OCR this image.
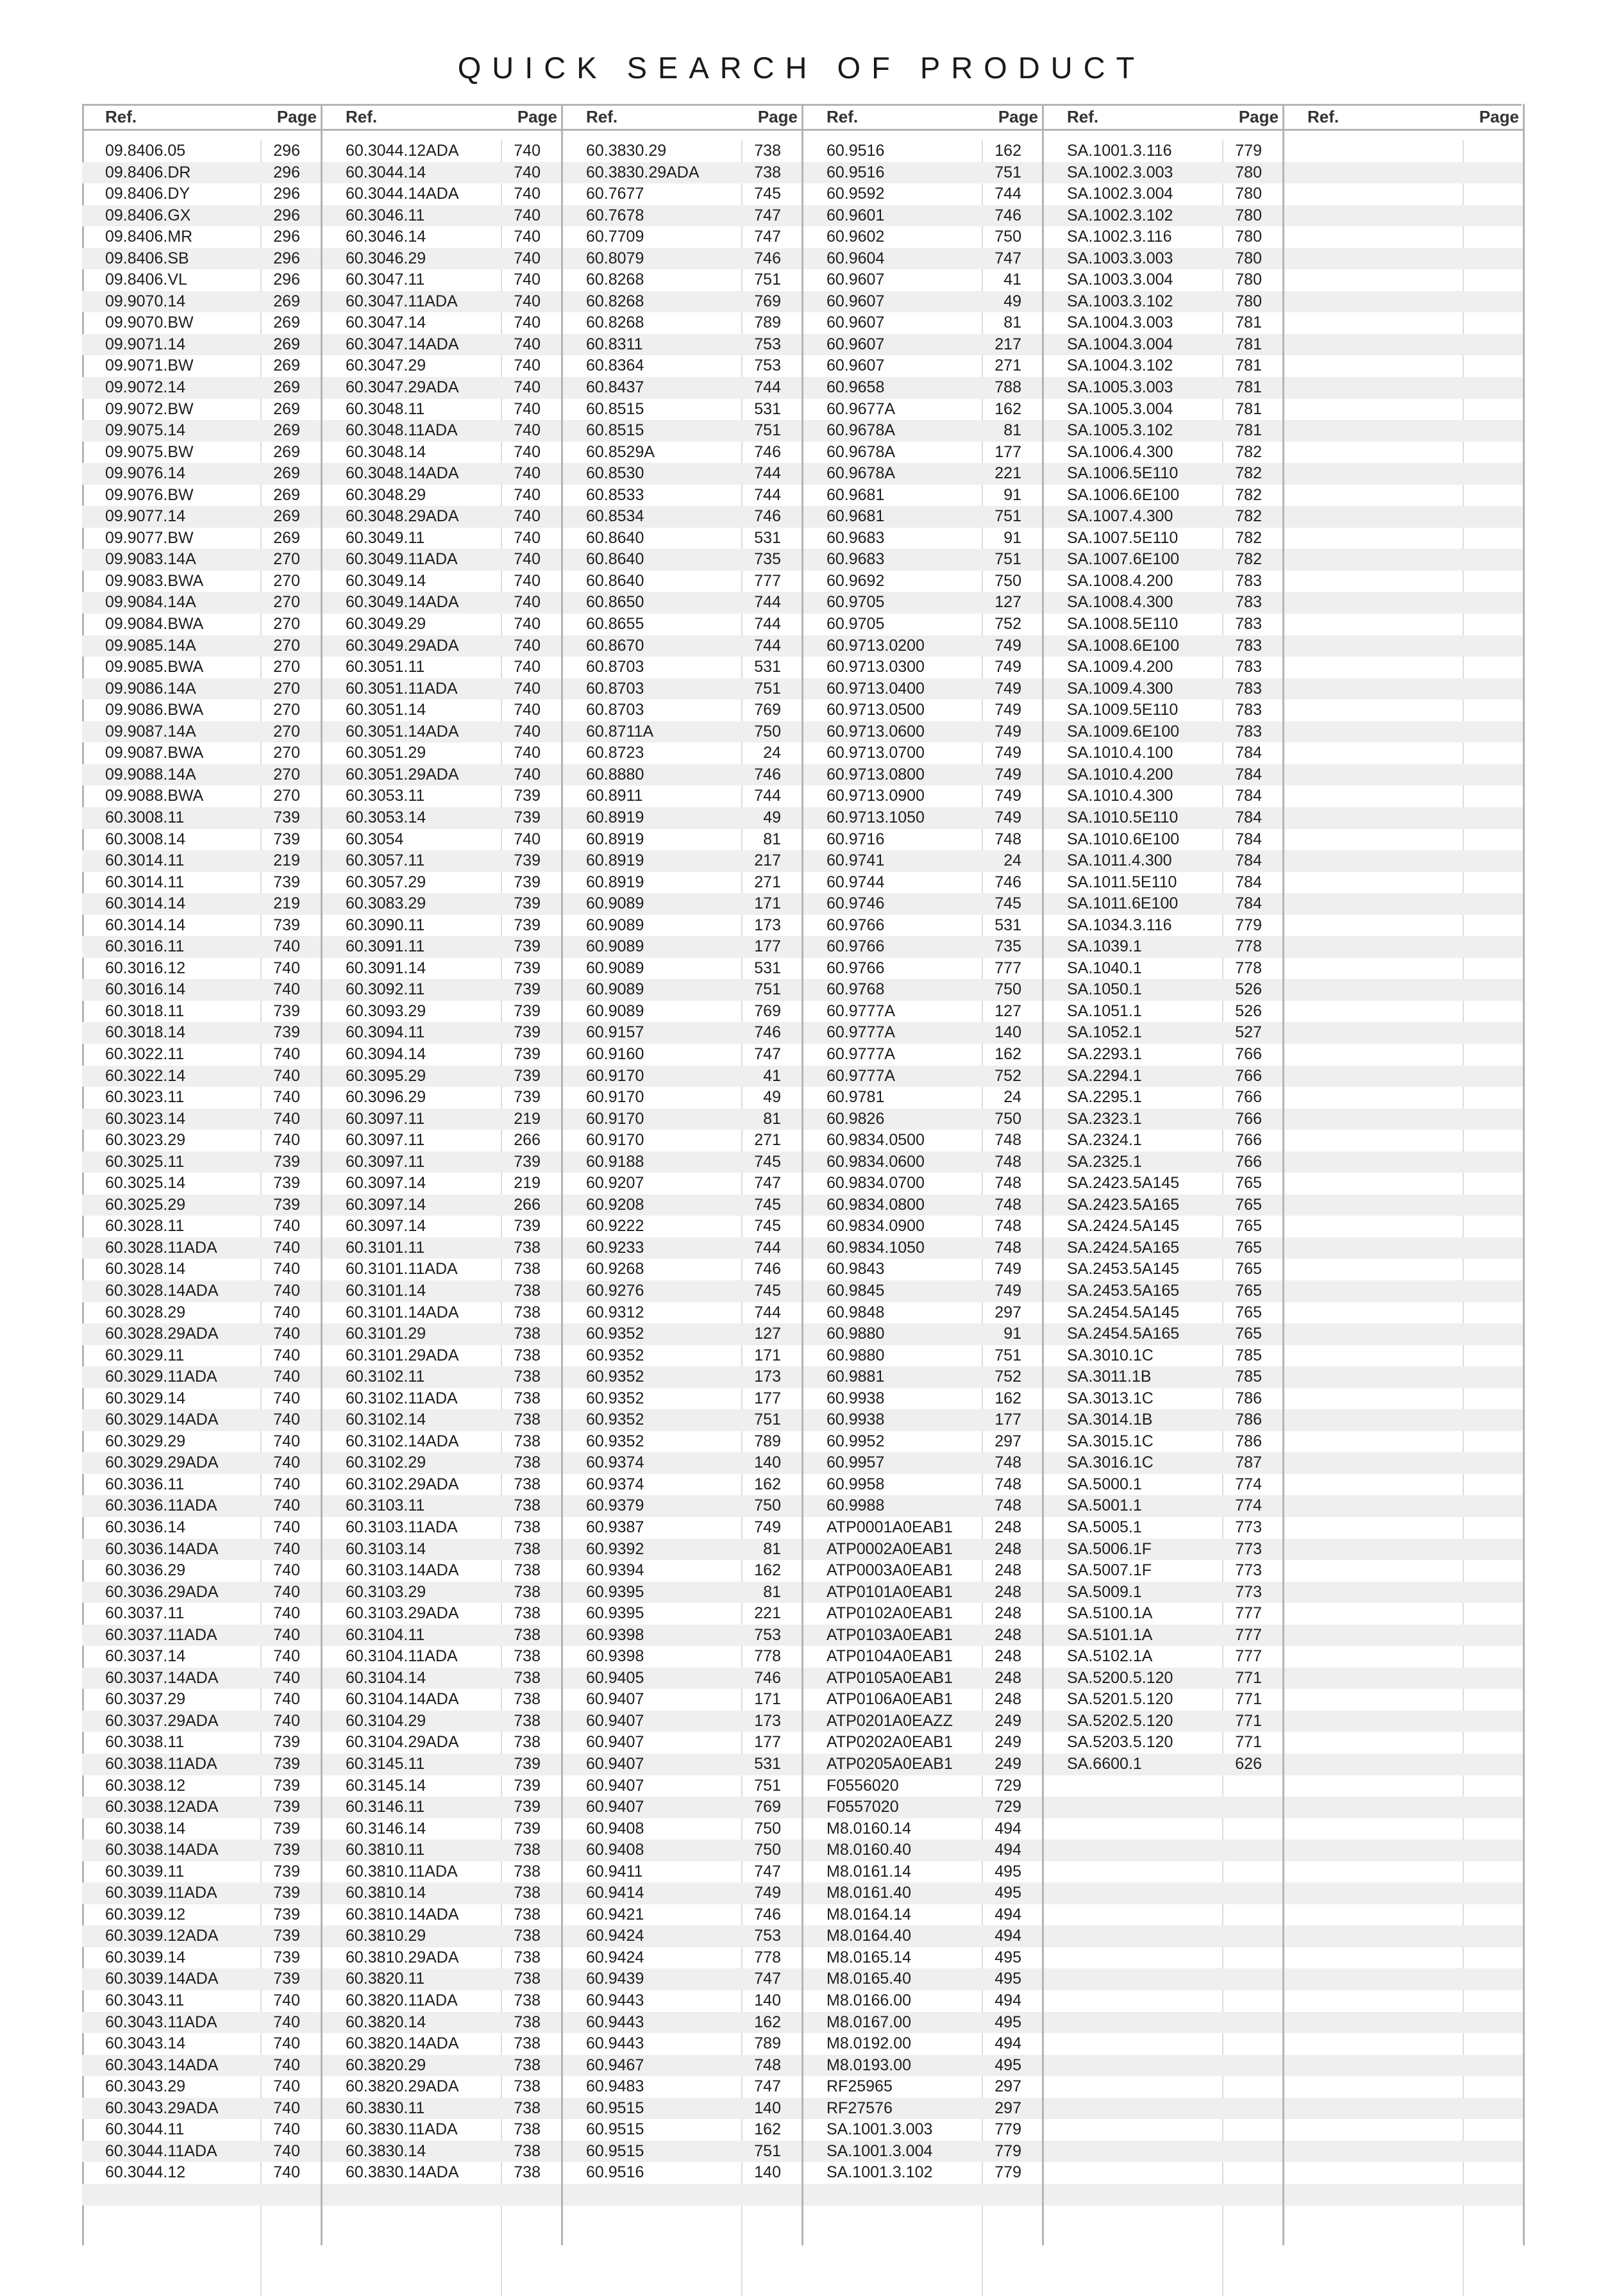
QUICK SEARCH OF PRODUCT
Ref.	Page
09.8406.05	296
09.8406.DR	296
09.8406.DY	296
09.8406.GX	296
09.8406.MR	296
09.8406.SB	296
09.8406.VL	296
09.9070.14	269
09.9070.BW	269
09.9071.14	269
09.9071.BW	269
09.9072.14	269
09.9072.BW	269
09.9075.14	269
09.9075.BW	269
09.9076.14	269
09.9076.BW	269
09.9077.14	269
09.9077.BW	269
09.9083.14A	270
09.9083.BWA	270
09.9084.14A	270
09.9084.BWA	270
09.9085.14A	270
09.9085.BWA	270
09.9086.14A	270
09.9086.BWA	270
09.9087.14A	270
09.9087.BWA	270
09.9088.14A	270
09.9088.BWA	270
60.3008.11	739
60.3008.14	739
60.3014.11	219
60.3014.11	739
60.3014.14	219
60.3014.14	739
60.3016.11	740
60.3016.12	740
60.3016.14	740
60.3018.11	739
60.3018.14	739
60.3022.11	740
60.3022.14	740
60.3023.11	740
60.3023.14	740
60.3023.29	740
60.3025.11	739
60.3025.14	739
60.3025.29	739
60.3028.11	740
60.3028.11ADA	740
60.3028.14	740
60.3028.14ADA	740
60.3028.29	740
60.3028.29ADA	740
60.3029.11	740
60.3029.11ADA	740
60.3029.14	740
60.3029.14ADA	740
60.3029.29	740
60.3029.29ADA	740
60.3036.11	740
60.3036.11ADA	740
60.3036.14	740
60.3036.14ADA	740
60.3036.29	740
60.3036.29ADA	740
60.3037.11	740
60.3037.11ADA	740
60.3037.14	740
60.3037.14ADA	740
60.3037.29	740
60.3037.29ADA	740
60.3038.11	739
60.3038.11ADA	739
60.3038.12	739
60.3038.12ADA	739
60.3038.14	739
60.3038.14ADA	739
60.3039.11	739
60.3039.11ADA	739
60.3039.12	739
60.3039.12ADA	739
60.3039.14	739
60.3039.14ADA	739
60.3043.11	740
60.3043.11ADA	740
60.3043.14	740
60.3043.14ADA	740
60.3043.29	740
60.3043.29ADA	740
60.3044.11	740
60.3044.11ADA	740
60.3044.12	740
Ref.	Page
60.3044.12ADA	740
60.3044.14	740
60.3044.14ADA	740
60.3046.11	740
60.3046.14	740
60.3046.29	740
60.3047.11	740
60.3047.11ADA	740
60.3047.14	740
60.3047.14ADA	740
60.3047.29	740
60.3047.29ADA	740
60.3048.11	740
60.3048.11ADA	740
60.3048.14	740
60.3048.14ADA	740
60.3048.29	740
60.3048.29ADA	740
60.3049.11	740
60.3049.11ADA	740
60.3049.14	740
60.3049.14ADA	740
60.3049.29	740
60.3049.29ADA	740
60.3051.11	740
60.3051.11ADA	740
60.3051.14	740
60.3051.14ADA	740
60.3051.29	740
60.3051.29ADA	740
60.3053.11	739
60.3053.14	739
60.3054	740
60.3057.11	739
60.3057.29	739
60.3083.29	739
60.3090.11	739
60.3091.11	739
60.3091.14	739
60.3092.11	739
60.3093.29	739
60.3094.11	739
60.3094.14	739
60.3095.29	739
60.3096.29	739
60.3097.11	219
60.3097.11	266
60.3097.11	739
60.3097.14	219
60.3097.14	266
60.3097.14	739
60.3101.11	738
60.3101.11ADA	738
60.3101.14	738
60.3101.14ADA	738
60.3101.29	738
60.3101.29ADA	738
60.3102.11	738
60.3102.11ADA	738
60.3102.14	738
60.3102.14ADA	738
60.3102.29	738
60.3102.29ADA	738
60.3103.11	738
60.3103.11ADA	738
60.3103.14	738
60.3103.14ADA	738
60.3103.29	738
60.3103.29ADA	738
60.3104.11	738
60.3104.11ADA	738
60.3104.14	738
60.3104.14ADA	738
60.3104.29	738
60.3104.29ADA	738
60.3145.11	739
60.3145.14	739
60.3146.11	739
60.3146.14	739
60.3810.11	738
60.3810.11ADA	738
60.3810.14	738
60.3810.14ADA	738
60.3810.29	738
60.3810.29ADA	738
60.3820.11	738
60.3820.11ADA	738
60.3820.14	738
60.3820.14ADA	738
60.3820.29	738
60.3820.29ADA	738
60.3830.11	738
60.3830.11ADA	738
60.3830.14	738
60.3830.14ADA	738
Ref.	Page
60.3830.29	738
60.3830.29ADA	738
60.7677	745
60.7678	747
60.7709	747
60.8079	746
60.8268	751
60.8268	769
60.8268	789
60.8311	753
60.8364	753
60.8437	744
60.8515	531
60.8515	751
60.8529A	746
60.8530	744
60.8533	744
60.8534	746
60.8640	531
60.8640	735
60.8640	777
60.8650	744
60.8655	744
60.8670	744
60.8703	531
60.8703	751
60.8703	769
60.8711A	750
60.8723	24
60.8880	746
60.8911	744
60.8919	49
60.8919	81
60.8919	217
60.8919	271
60.9089	171
60.9089	173
60.9089	177
60.9089	531
60.9089	751
60.9089	769
60.9157	746
60.9160	747
60.9170	41
60.9170	49
60.9170	81
60.9170	271
60.9188	745
60.9207	747
60.9208	745
60.9222	745
60.9233	744
60.9268	746
60.9276	745
60.9312	744
60.9352	127
60.9352	171
60.9352	173
60.9352	177
60.9352	751
60.9352	789
60.9374	140
60.9374	162
60.9379	750
60.9387	749
60.9392	81
60.9394	162
60.9395	81
60.9395	221
60.9398	753
60.9398	778
60.9405	746
60.9407	171
60.9407	173
60.9407	177
60.9407	531
60.9407	751
60.9407	769
60.9408	750
60.9408	750
60.9411	747
60.9414	749
60.9421	746
60.9424	753
60.9424	778
60.9439	747
60.9443	140
60.9443	162
60.9443	789
60.9467	748
60.9483	747
60.9515	140
60.9515	162
60.9515	751
60.9516	140
Ref.	Page
60.9516	162
60.9516	751
60.9592	744
60.9601	746
60.9602	750
60.9604	747
60.9607	41
60.9607	49
60.9607	81
60.9607	217
60.9607	271
60.9658	788
60.9677A	162
60.9678A	81
60.9678A	177
60.9678A	221
60.9681	91
60.9681	751
60.9683	91
60.9683	751
60.9692	750
60.9705	127
60.9705	752
60.9713.0200	749
60.9713.0300	749
60.9713.0400	749
60.9713.0500	749
60.9713.0600	749
60.9713.0700	749
60.9713.0800	749
60.9713.0900	749
60.9713.1050	749
60.9716	748
60.9741	24
60.9744	746
60.9746	745
60.9766	531
60.9766	735
60.9766	777
60.9768	750
60.9777A	127
60.9777A	140
60.9777A	162
60.9777A	752
60.9781	24
60.9826	750
60.9834.0500	748
60.9834.0600	748
60.9834.0700	748
60.9834.0800	748
60.9834.0900	748
60.9834.1050	748
60.9843	749
60.9845	749
60.9848	297
60.9880	91
60.9880	751
60.9881	752
60.9938	162
60.9938	177
60.9952	297
60.9957	748
60.9958	748
60.9988	748
ATP0001A0EAB1	248
ATP0002A0EAB1	248
ATP0003A0EAB1	248
ATP0101A0EAB1	248
ATP0102A0EAB1	248
ATP0103A0EAB1	248
ATP0104A0EAB1	248
ATP0105A0EAB1	248
ATP0106A0EAB1	248
ATP0201A0EAZZ	249
ATP0202A0EAB1	249
ATP0205A0EAB1	249
F0556020	729
F0557020	729
M8.0160.14	494
M8.0160.40	494
M8.0161.14	495
M8.0161.40	495
M8.0164.14	494
M8.0164.40	494
M8.0165.14	495
M8.0165.40	495
M8.0166.00	494
M8.0167.00	495
M8.0192.00	494
M8.0193.00	495
RF25965	297
RF27576	297
SA.1001.3.003	779
SA.1001.3.004	779
SA.1001.3.102	779
Ref.	Page
SA.1001.3.116	779
SA.1002.3.003	780
SA.1002.3.004	780
SA.1002.3.102	780
SA.1002.3.116	780
SA.1003.3.003	780
SA.1003.3.004	780
SA.1003.3.102	780
SA.1004.3.003	781
SA.1004.3.004	781
SA.1004.3.102	781
SA.1005.3.003	781
SA.1005.3.004	781
SA.1005.3.102	781
SA.1006.4.300	782
SA.1006.5E110	782
SA.1006.6E100	782
SA.1007.4.300	782
SA.1007.5E110	782
SA.1007.6E100	782
SA.1008.4.200	783
SA.1008.4.300	783
SA.1008.5E110	783
SA.1008.6E100	783
SA.1009.4.200	783
SA.1009.4.300	783
SA.1009.5E110	783
SA.1009.6E100	783
SA.1010.4.100	784
SA.1010.4.200	784
SA.1010.4.300	784
SA.1010.5E110	784
SA.1010.6E100	784
SA.1011.4.300	784
SA.1011.5E110	784
SA.1011.6E100	784
SA.1034.3.116	779
SA.1039.1	778
SA.1040.1	778
SA.1050.1	526
SA.1051.1	526
SA.1052.1	527
SA.2293.1	766
SA.2294.1	766
SA.2295.1	766
SA.2323.1	766
SA.2324.1	766
SA.2325.1	766
SA.2423.5A145	765
SA.2423.5A165	765
SA.2424.5A145	765
SA.2424.5A165	765
SA.2453.5A145	765
SA.2453.5A165	765
SA.2454.5A145	765
SA.2454.5A165	765
SA.3010.1C	785
SA.3011.1B	785
SA.3013.1C	786
SA.3014.1B	786
SA.3015.1C	786
SA.3016.1C	787
SA.5000.1	774
SA.5001.1	774
SA.5005.1	773
SA.5006.1F	773
SA.5007.1F	773
SA.5009.1	773
SA.5100.1A	777
SA.5101.1A	777
SA.5102.1A	777
SA.5200.5.120	771
SA.5201.5.120	771
SA.5202.5.120	771
SA.5203.5.120	771
SA.6600.1	626
Ref.	Page
